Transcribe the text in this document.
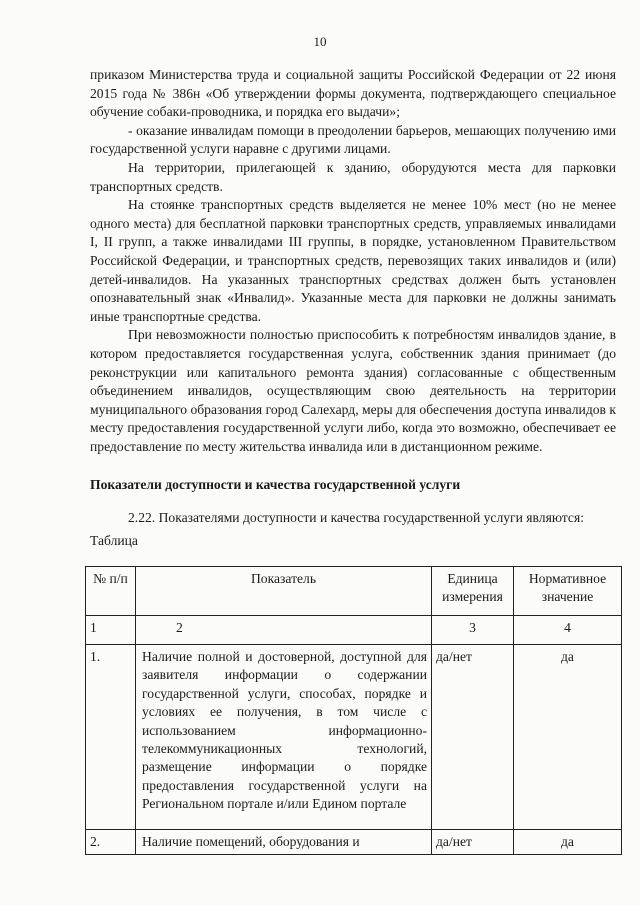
10

приказом Министерства труда и социальной защиты Российской Федерации от 22 июня 2015 года № 386н «Об утверждении формы документа, подтверждающего специальное обучение собаки-проводника, и порядка его выдачи»;

- оказание инвалидам помощи в преодолении барьеров, мешающих получению ими государственной услуги наравне с другими лицами.

На территории, прилегающей к зданию, оборудуются места для парковки транспортных средств.

На стоянке транспортных средств выделяется не менее 10% мест (но не менее одного места) для бесплатной парковки транспортных средств, управляемых инвалидами I, II групп, а также инвалидами III группы, в порядке, установленном Правительством Российской Федерации, и транспортных средств, перевозящих таких инвалидов и (или) детей-инвалидов. На указанных транспортных средствах должен быть установлен опознавательный знак «Инвалид». Указанные места для парковки не должны занимать иные транспортные средства.

При невозможности полностью приспособить к потребностям инвалидов здание, в котором предоставляется государственная услуга, собственник здания принимает (до реконструкции или капитального ремонта здания) согласованные с общественным объединением инвалидов, осуществляющим свою деятельность на территории муниципального образования город Салехард, меры для обеспечения доступа инвалидов к месту предоставления государственной услуги либо, когда это возможно, обеспечивает ее предоставление по месту жительства инвалида или в дистанционном режиме.

Показатели доступности и качества государственной услуги

2.22. Показателями доступности и качества государственной услуги являются:

Таблица

№ п/п	Показатель	Единица измерения	Нормативное значение
1	2	3	4
1.	Наличие полной и достоверной, доступной для заявителя информации о содержании государственной услуги, способах, порядке и условиях ее получения, в том числе с использованием информационно-телекоммуникационных технологий, размещение информации о порядке предоставления государственной услуги на Региональном портале и/или Едином портале	да/нет	да
2.	Наличие помещений, оборудования и	да/нет	да
